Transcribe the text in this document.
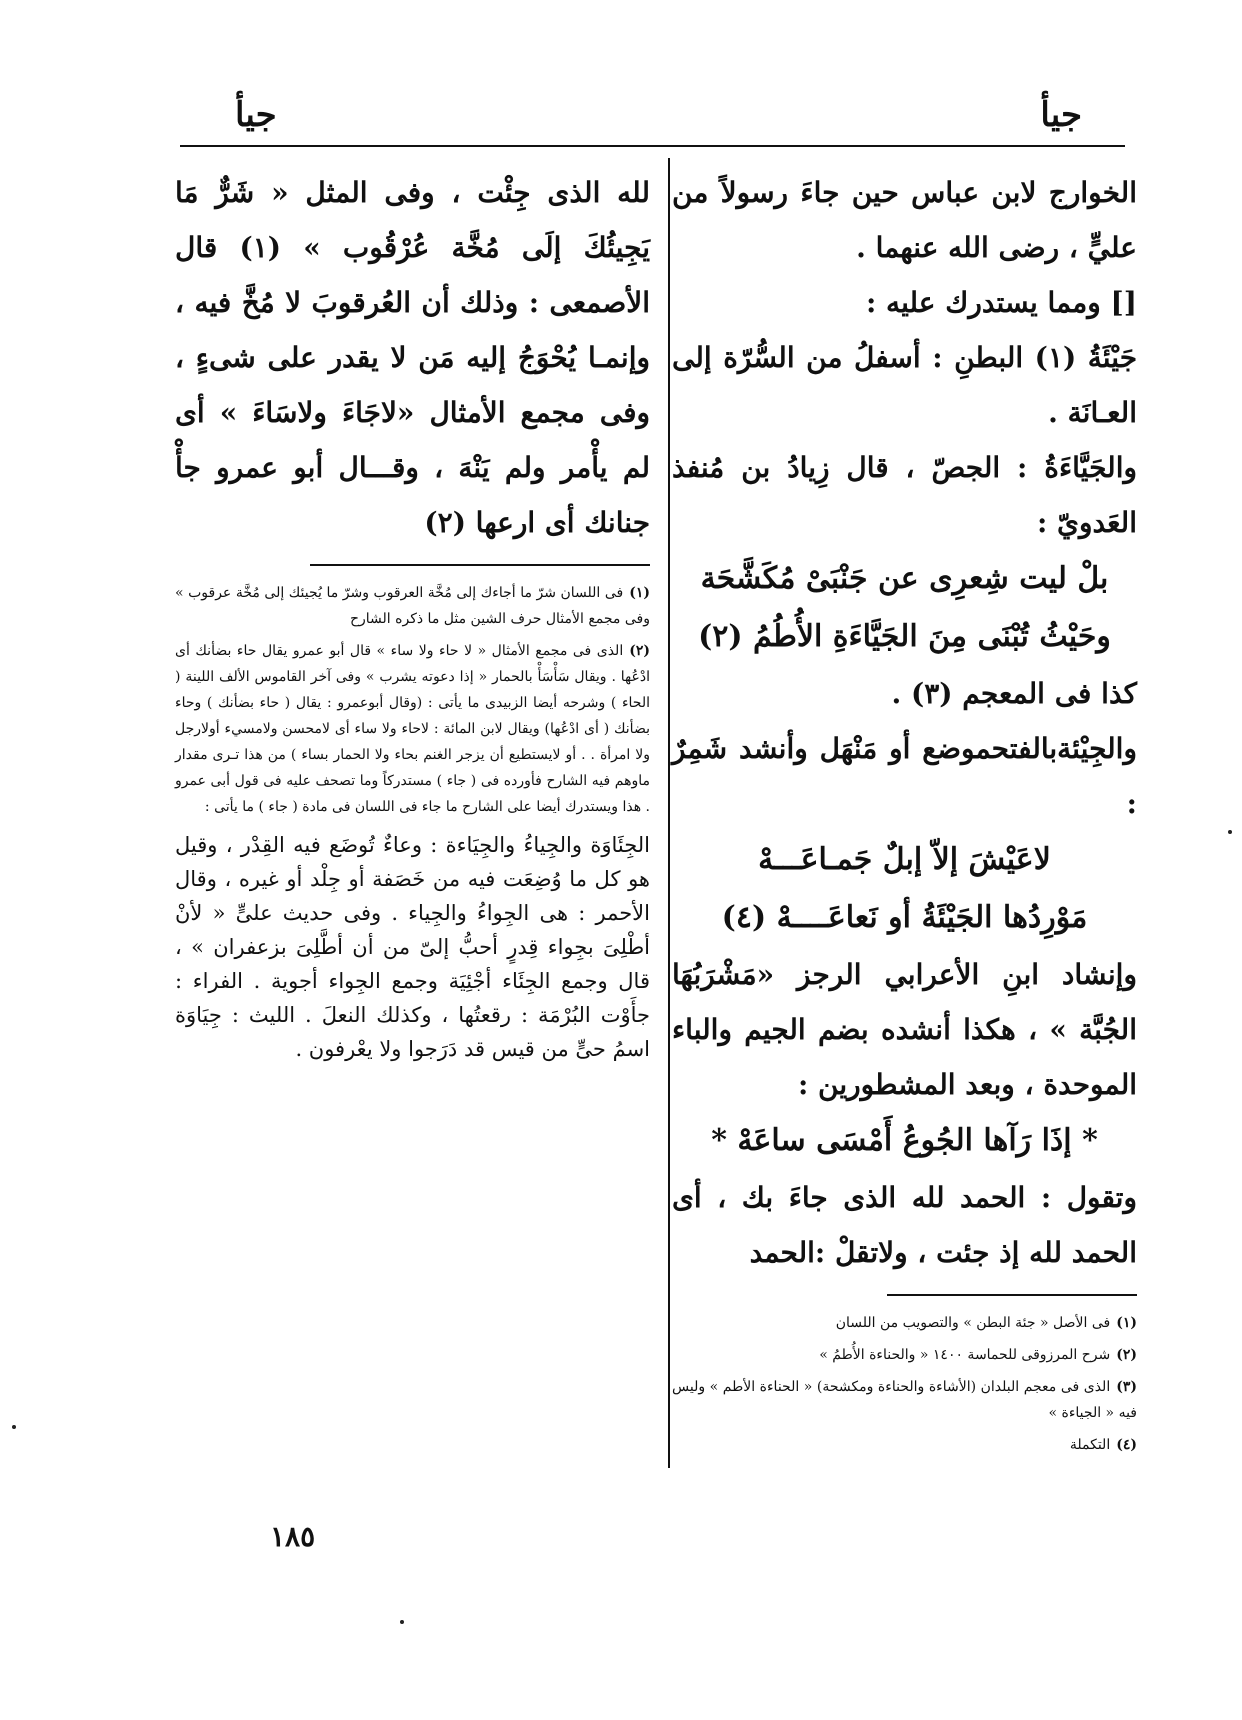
جيأ
جيأ

الخوارج لابن عباس حين جاءَ رسولاً من عليٍّ ، رضى الله عنهما .

[] ومما يستدرك عليه :

جَيْئَةُ (١) البطنِ : أسفلُ من السُّرّة إلى العـانَة .

والجَيَّاءَةُ : الجصّ ، قال زِيادُ بن مُنفذ العَدويّ :

بلْ ليت شِعرِى عن جَنْبَىْ مُكَشَّحَة

وحَيْثُ تُبْنَى مِنَ الجَيَّاءَةِ الأُطُمُ (٢)

كذا فى المعجم (٣) .

والجِيْئةبالفتحموضع أو مَنْهَل وأنشد شَمِرٌ :

لاعَيْشَ إلاّ إبلٌ جَمـاعَـــهْ

مَوْرِدُها الجَيْئَةُ أو نَعاعَــــهْ (٤)

وإنشاد ابنِ الأعرابي الرجز «مَشْرَبُهَا الجُبَّة » ، هكذا أنشده بضم الجيم والباء الموحدة ، وبعد المشطورين :

* إذَا رَآها الجُوعُ أَمْسَى ساعَهْ *

وتقول : الحمد لله الذى جاءَ بك ، أى الحمد لله إذ جئت ، ولاتقلْ :الحمد

(١)فى الأصل « جئة البطن » والتصويب من اللسان

(٢)شرح المرزوقى للحماسة ١٤٠٠ « والحناءة الأُطمُ »

(٣)الذى فى معجم البلدان (الأشاءة والحناءة ومكشحة) « الحناءة الأطم » وليس فيه « الجياءة »

(٤)التكملة

لله الذى جِئْت ، وفى المثل « شَرٌّ مَا يَجِيئُكَ إلَى مُخَّة عُرْقُوب » (١) قال الأصمعى : وذلك أن العُرقوبَ لا مُخَّ فيه ، وإنمـا يُحْوَجُ إليه مَن لا يقدر على شىءٍ ، وفى مجمع الأمثال «لاجَاءَ ولاسَاءَ » أى لم يأْمر ولم يَنْهَ ، وقـــال أبو عمرو جأْ جنانك أى ارعها (٢)

(١)فى اللسان شرّ ما أجاءك إلى مُخَّة العرقوب وشرّ ما يُجيئك إلى مُخَّة عرقوب » وفى مجمع الأمثال حرف الشين مثل ما ذكره الشارح

(٢)الذى فى مجمع الأمثال « لا حاء ولا ساء » قال أبو عمرو يقال حاء بضأنك أى ادْعُها . ويقال سَأْسَأْ بالحمار « إذا دعوته يشرب » وفى آخر القاموس الألف اللينة ( الحاء ) وشرحه أيضا الزبيدى ما يأتى : (وقال أبوعمرو : يقال ( حاء بضأنك ) وحاء بضأنك ( أى ادْعُها) ويقال لابن المائة : لاحاء ولا ساء أى لامحسن ولامسيء أولارجل ولا امرأة . . أو لايستطيع أن يزجر الغنم بحاء ولا الحمار بساء ) من هذا تـرى مقدار ماوهم فيه الشارح فأورده فى ( جاء ) مستدركاً وما تصحف عليه فى قول أبى عمرو . هذا ويستدرك أيضا على الشارح ما جاء فى اللسان فى مادة ( جاء ) ما يأتى :

الجِئَاوَة والجِياءُ والجِيَاءة : وعاءٌ تُوضَع فيه القِدْر ، وقيل هو كل ما وُضِعَت فيه من خَصَفة أو جِلْد أو غيره ، وقال الأحمر : هى الجِواءُ والجِياء . وفى حديث علىٍّ « لأنْ أطْلِىَ بجِواء قِدرٍ أحبُّ إلىّ من أن أطَّلِىَ بزعفران » ، قال وجمع الجِئَاء أجْئِيَة وجمع الجِواء أجوية . الفراء : جأَوْت البُرْمَة : رقعتُها ، وكذلك النعلَ . الليث : جِيَاوَة اسمُ حىٍّ من قيس قد دَرَجوا ولا يعْرفون .

١٨٥
